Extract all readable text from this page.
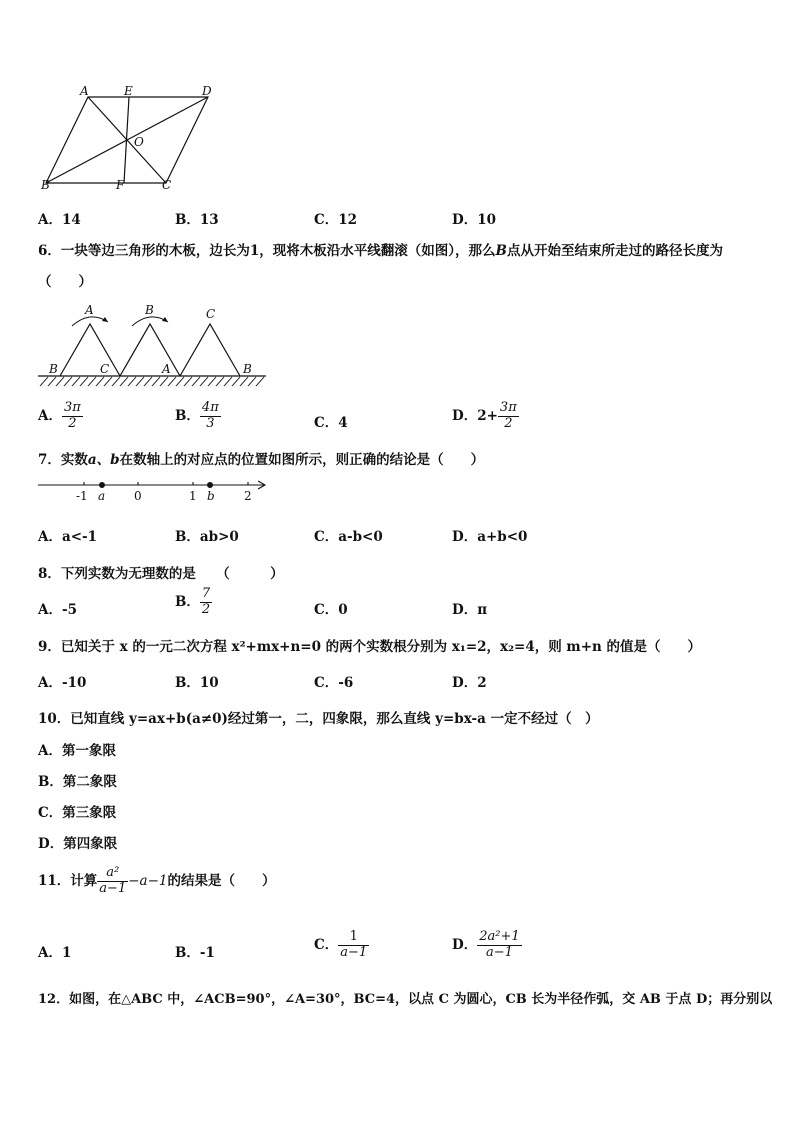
A	E	D
O
B	F	C
A．14	B．13	C．12	D．10
6．一块等边三角形的木板，边长为1，现将木板沿水平线翻滚（如图），那么B点从开始至结束所走过的路径长度为
（　　）
A	B	C
B	C	A	B
A． $\frac{3\pi}{2}$	B． $\frac{4\pi}{3}$	C．4	D．$2+ \frac{3\pi}{2}$
7．实数a、b在数轴上的对应点的位置如图所示，则正确的结论是（　　）
-1	0	1	2
a	b
A．a<-1	B．ab>0	C．a-b<0	D．a+b<0
8．下列实数为无理数的是　　（　　　）
A．-5
B． $\frac{7}{2}$	C．0	D．π
9．已知关于 x 的一元二次方程 x²+mx+n=0 的两个实数根分别为 x₁=2，x₂=4，则 m+n 的值是（　　）
A．-10	B．10	C．-6	D．2
10．已知直线 y=ax+b(a≠0)经过第一，二，四象限，那么直线 y=bx-a 一定不经过（　）
A．第一象限
B．第二象限
C．第三象限
D．第四象限
11．计算 $\frac{\text{a²}}{a-1} -a-1$的结果是（　　）
A．1	B．-1
C． $\frac{1}{a-1}$	D． $\frac{\text{2a²+1}}{a-1}$
12．如图，在△ABC 中，∠ACB=90°，∠A=30°，BC=4，以点 C 为圆心，CB 长为半径作弧，交 AB 于点 D；再分别以
